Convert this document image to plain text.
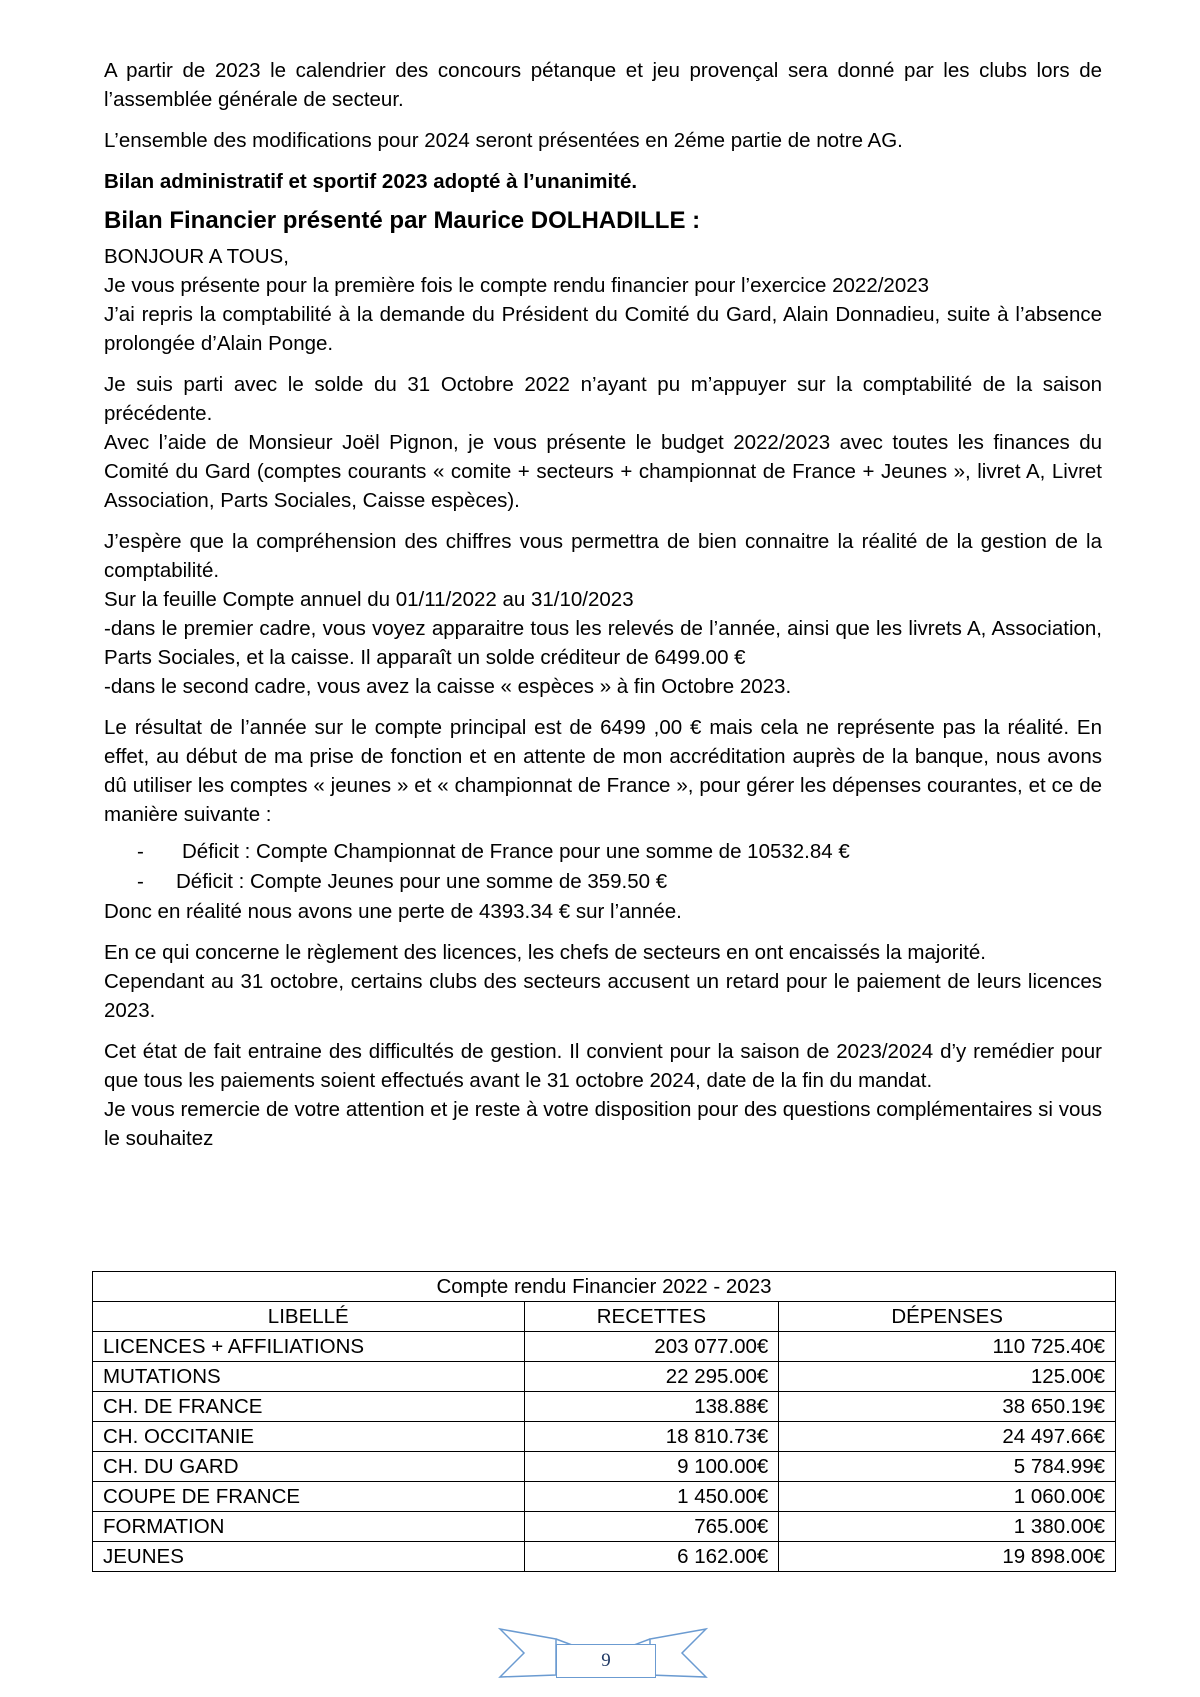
A partir de 2023 le calendrier des concours pétanque et jeu provençal sera donné par les clubs lors de l’assemblée générale de secteur.

L’ensemble des modifications pour 2024 seront présentées en 2éme partie de notre AG.

Bilan administratif et sportif 2023 adopté à l’unanimité.

Bilan Financier présenté par Maurice DOLHADILLE :

BONJOUR A TOUS,

Je vous présente pour la première fois le compte rendu financier pour l’exercice 2022/2023

J’ai repris la comptabilité à la demande du Président du Comité du Gard, Alain Donnadieu, suite à l’absence prolongée d’Alain Ponge.

Je suis parti avec le solde du 31 Octobre 2022 n’ayant pu m’appuyer sur la comptabilité de la saison précédente.

Avec l’aide de Monsieur Joël Pignon, je vous présente le budget 2022/2023 avec toutes les finances du Comité du Gard (comptes courants « comite + secteurs + championnat de France + Jeunes », livret A, Livret Association, Parts Sociales, Caisse espèces).

J’espère que la compréhension des chiffres vous permettra de bien connaitre la réalité de la gestion de la comptabilité.

Sur la feuille Compte annuel du 01/11/2022 au 31/10/2023

-dans le premier cadre, vous voyez apparaitre tous les relevés de l’année, ainsi que les livrets A, Association, Parts Sociales, et la caisse. Il apparaît un solde créditeur de 6499.00 €

-dans le second cadre, vous avez la caisse « espèces » à fin Octobre 2023.

Le résultat de l’année sur le compte principal est de 6499 ,00 € mais cela ne représente pas la réalité. En effet, au début de ma prise de fonction et en attente de mon accréditation auprès de la banque, nous avons dû utiliser les comptes « jeunes » et « championnat de France », pour gérer les dépenses courantes, et ce de manière suivante :

- Déficit : Compte Championnat de France pour une somme de 10532.84 €
- Déficit : Compte Jeunes pour une somme de 359.50 €

Donc en réalité nous avons une perte de 4393.34 € sur l’année.

En ce qui concerne le règlement des licences, les chefs de secteurs en ont encaissés la majorité.

Cependant au 31 octobre, certains clubs des secteurs accusent un retard pour le paiement de leurs licences 2023.

Cet état de fait entraine des difficultés de gestion. Il convient pour la saison de 2023/2024 d’y remédier pour que tous les paiements soient effectués avant le 31 octobre 2024, date de la fin du mandat.

Je vous remercie de votre attention et je reste à votre disposition pour des questions complémentaires si vous le souhaitez

Compte rendu Financier 2022 - 2023		
LIBELLÉ	RECETTES	DÉPENSES
LICENCES + AFFILIATIONS	203 077.00€	110 725.40€
MUTATIONS	22 295.00€	125.00€
CH. DE FRANCE	138.88€	38 650.19€
CH. OCCITANIE	18 810.73€	24 497.66€
CH. DU GARD	9 100.00€	5 784.99€
COUPE DE FRANCE	1 450.00€	1 060.00€
FORMATION	765.00€	1 380.00€
JEUNES	6 162.00€	19 898.00€
9
